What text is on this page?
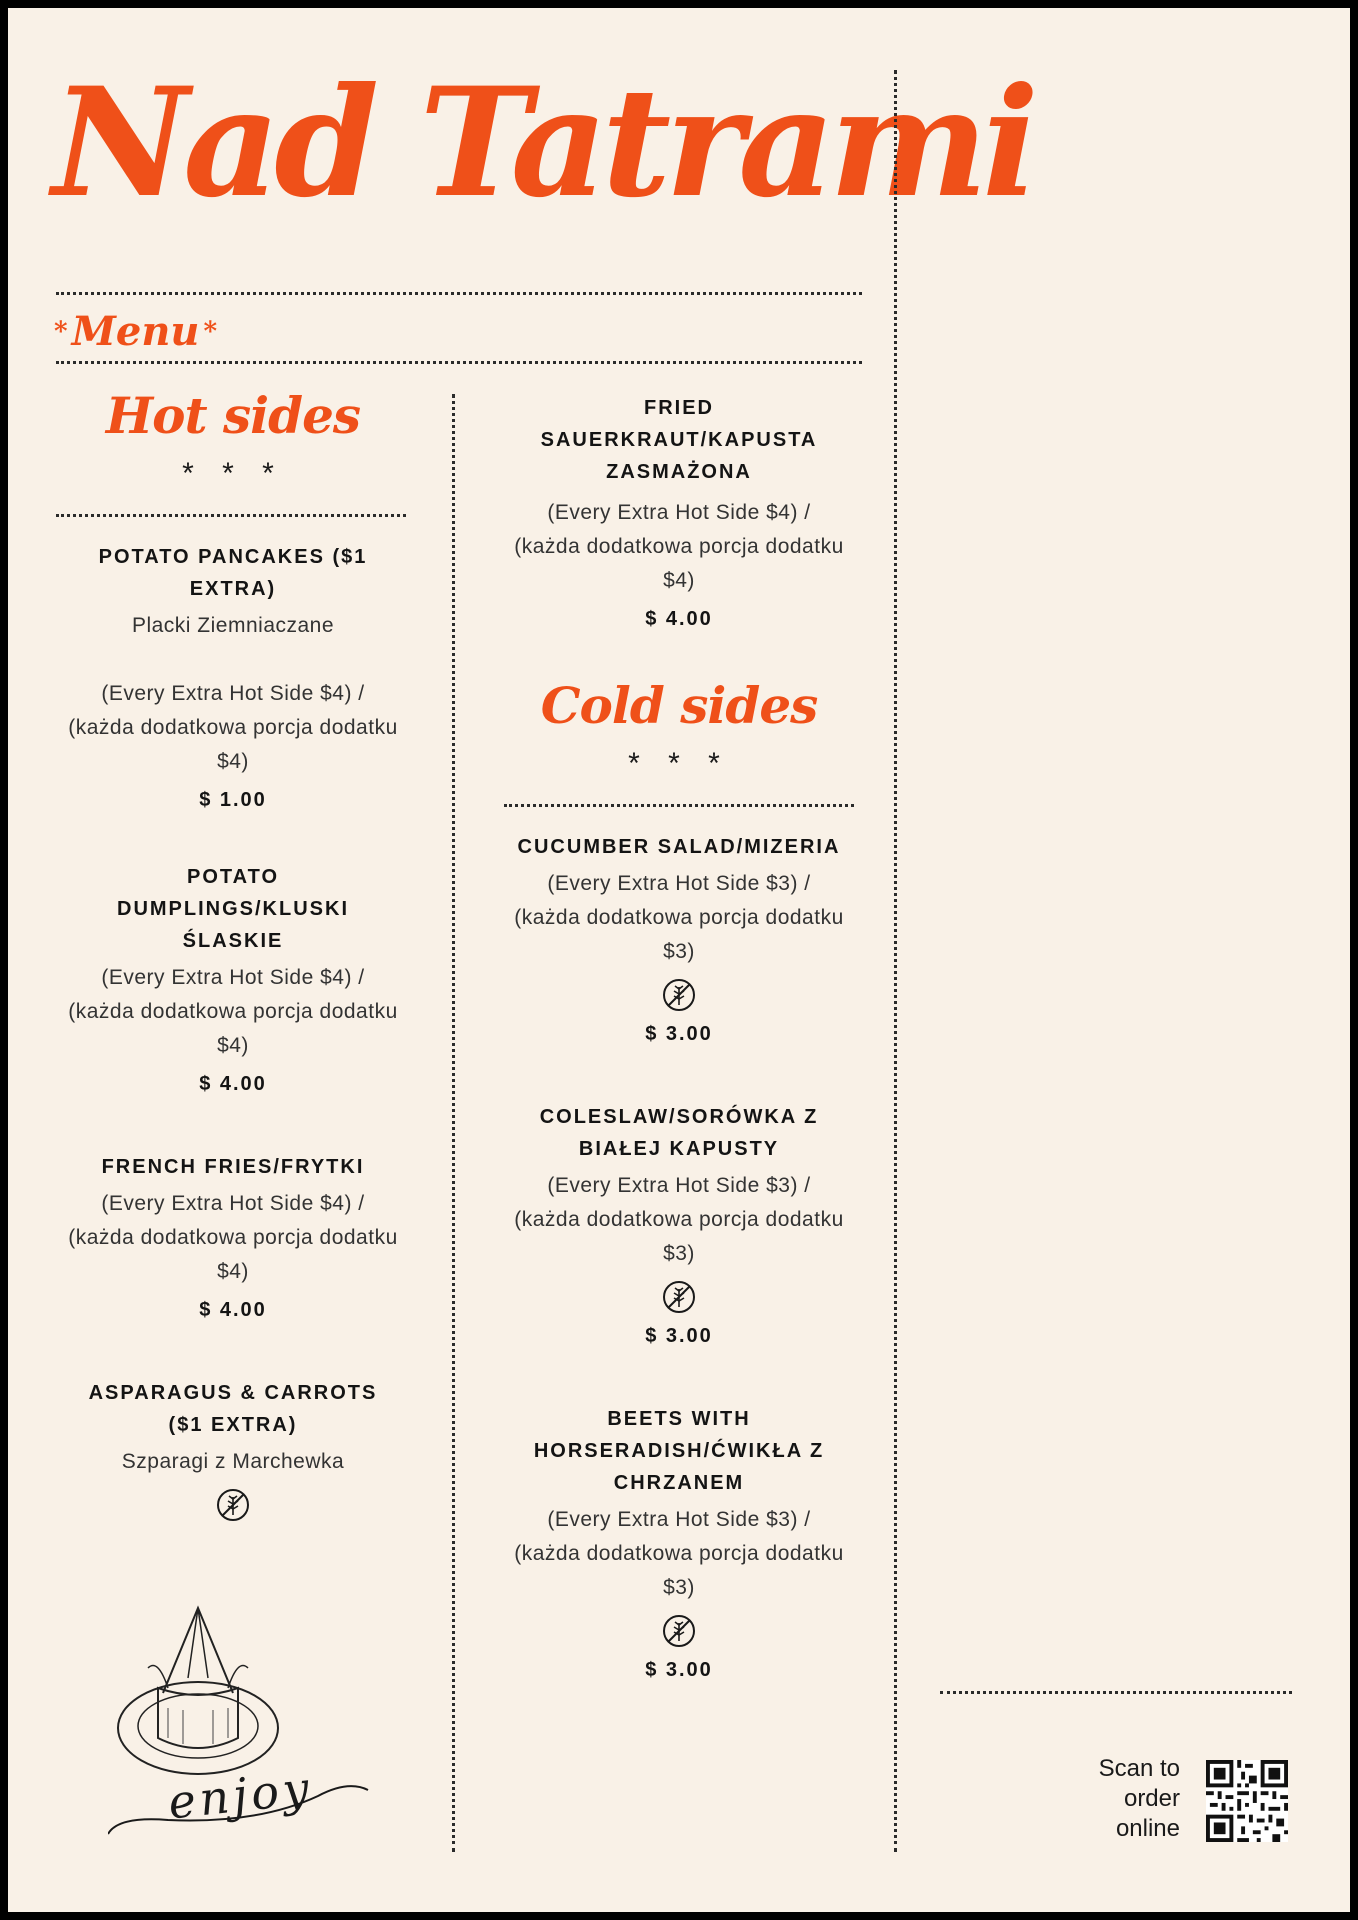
Nad Tatrami
* Menu *
Hot sides
* * *
POTATO PANCAKES ($1 EXTRA)
Placki Ziemniaczane
(Every Extra Hot Side $4) / (każda dodatkowa porcja dodatku $4)
$ 1.00
POTATO DUMPLINGS/KLUSKI ŚLASKIE
(Every Extra Hot Side $4) / (każda dodatkowa porcja dodatku $4)
$ 4.00
FRENCH FRIES/FRYTKI
(Every Extra Hot Side $4) / (każda dodatkowa porcja dodatku $4)
$ 4.00
ASPARAGUS & CARROTS ($1 EXTRA)
Szparagi z Marchewka
enjoy
FRIED SAUERKRAUT/KAPUSTA ZASMAŻONA
(Every Extra Hot Side $4) / (każda dodatkowa porcja dodatku $4)
$ 4.00
Cold sides
* * *
CUCUMBER SALAD/MIZERIA
(Every Extra Hot Side $3) / (każda dodatkowa porcja dodatku $3)
$ 3.00
COLESLAW/SORÓWKA Z BIAŁEJ KAPUSTY
(Every Extra Hot Side $3) / (każda dodatkowa porcja dodatku $3)
$ 3.00
BEETS WITH HORSERADISH/ĆWIKŁA Z CHRZANEM
(Every Extra Hot Side $3) / (każda dodatkowa porcja dodatku $3)
$ 3.00
Scan to order online
